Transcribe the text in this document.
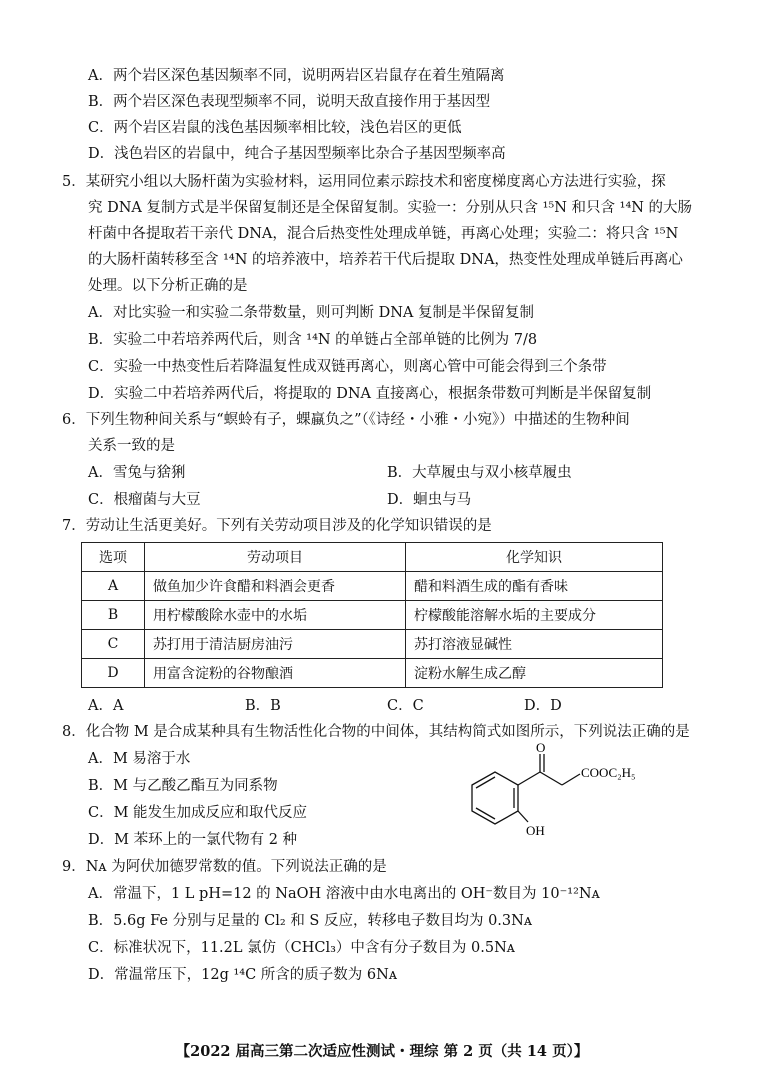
A．两个岩区深色基因频率不同，说明两岩区岩鼠存在着生殖隔离
B．两个岩区深色表现型频率不同，说明天敌直接作用于基因型
C．两个岩区岩鼠的浅色基因频率相比较，浅色岩区的更低
D．浅色岩区的岩鼠中，纯合子基因型频率比杂合子基因型频率高
5．某研究小组以大肠杆菌为实验材料，运用同位素示踪技术和密度梯度离心方法进行实验，探
究 DNA 复制方式是半保留复制还是全保留复制。实验一：分别从只含 ¹⁵N 和只含 ¹⁴N 的大肠
杆菌中各提取若干亲代 DNA，混合后热变性处理成单链，再离心处理；实验二：将只含 ¹⁵N
的大肠杆菌转移至含 ¹⁴N 的培养液中，培养若干代后提取 DNA，热变性处理成单链后再离心
处理。以下分析正确的是
A．对比实验一和实验二条带数量，则可判断 DNA 复制是半保留复制
B．实验二中若培养两代后，则含 ¹⁴N 的单链占全部单链的比例为 7/8
C．实验一中热变性后若降温复性成双链再离心，则离心管中可能会得到三个条带
D．实验二中若培养两代后，将提取的 DNA 直接离心，根据条带数可判断是半保留复制
6．下列生物种间关系与“螟蛉有子，蜾蠃负之”（《诗经・小雅・小宛》）中描述的生物种间
关系一致的是
A．雪兔与猞猁	B．大草履虫与双小核草履虫
C．根瘤菌与大豆	D．蛔虫与马
7．劳动让生活更美好。下列有关劳动项目涉及的化学知识错误的是
选项	劳动项目	化学知识
A	做鱼加少许食醋和料酒会更香	醋和料酒生成的酯有香味
B	用柠檬酸除水壶中的水垢	柠檬酸能溶解水垢的主要成分
C	苏打用于清洁厨房油污	苏打溶液显碱性
D	用富含淀粉的谷物酿酒	淀粉水解生成乙醇
A．A	B．B	C．C	D．D
8．化合物 M 是合成某种具有生物活性化合物的中间体，其结构简式如图所示，下列说法正确的是
A．M 易溶于水
B．M 与乙酸乙酯互为同系物
C．M 能发生加成反应和取代反应
D．M 苯环上的一氯代物有 2 种
O
COOC₂H₅
OH
9．Nᴀ 为阿伏加德罗常数的值。下列说法正确的是
A．常温下，1 L pH=12 的 NaOH 溶液中由水电离出的 OH⁻数目为 10⁻¹²Nᴀ
B．5.6g Fe 分别与足量的 Cl₂ 和 S 反应，转移电子数目均为 0.3Nᴀ
C．标准状况下，11.2L 氯仿（CHCl₃）中含有分子数目为 0.5Nᴀ
D．常温常压下，12g ¹⁴C 所含的质子数为 6Nᴀ
【2022 届高三第二次适应性测试・理综 第 2 页（共 14 页）】
